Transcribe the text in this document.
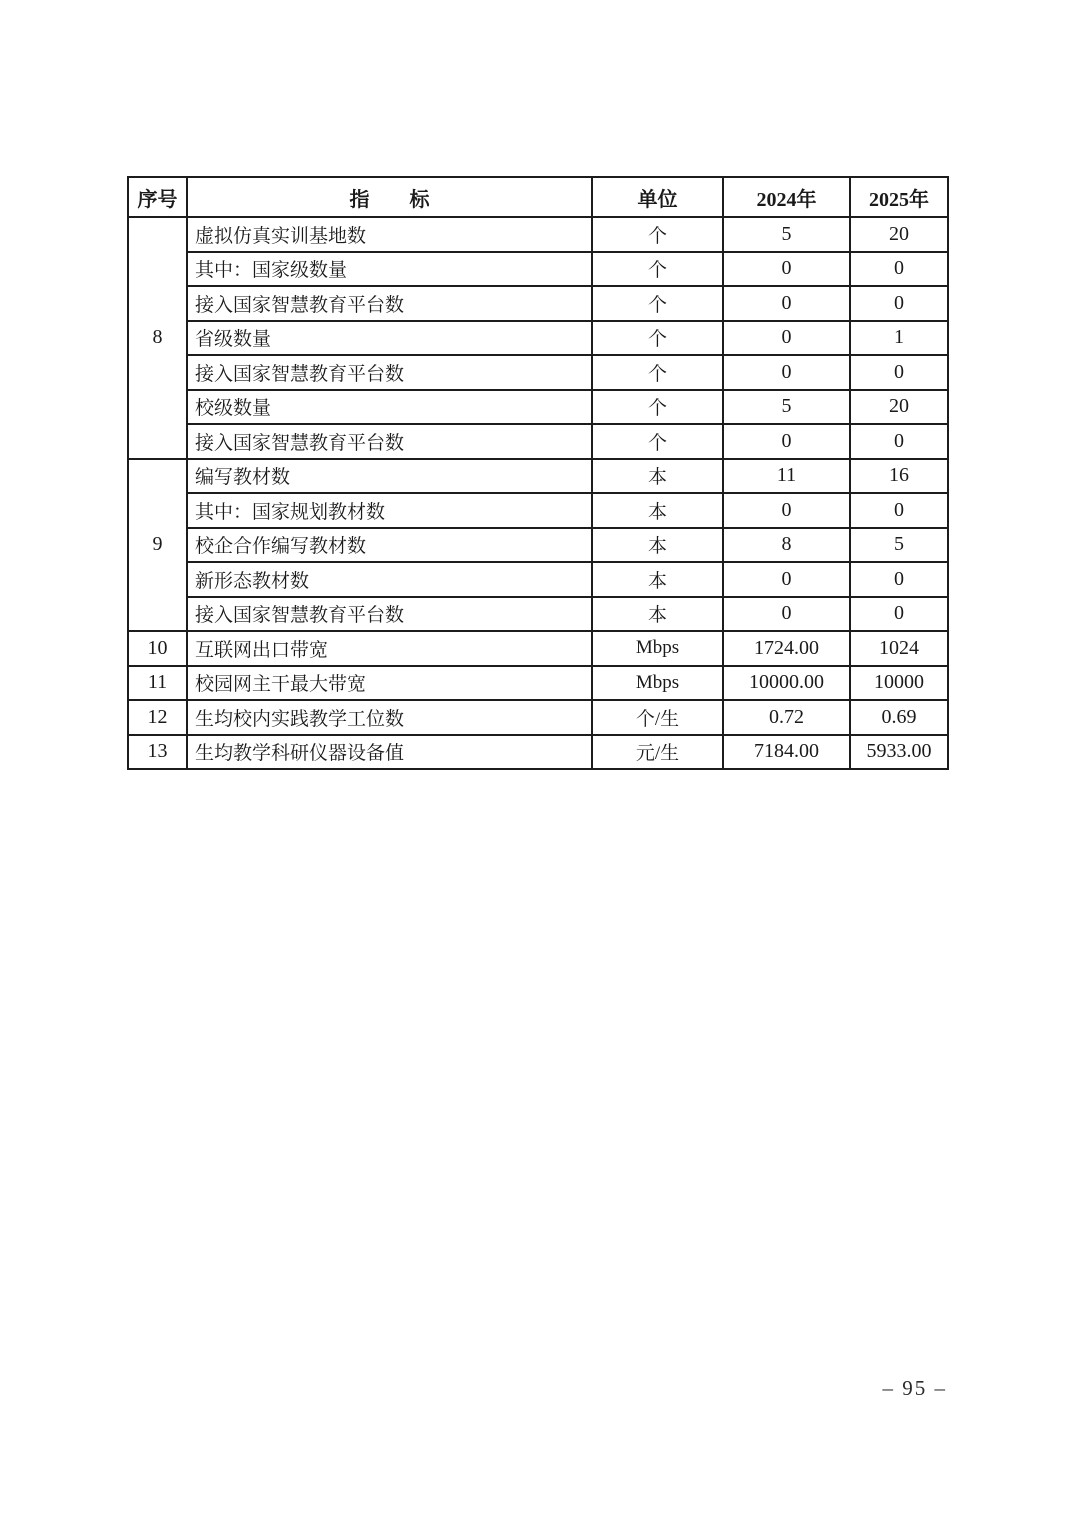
序号	指　　标	单位	2024年	2025年
8	虚拟仿真实训基地数	个	5	20
	其中：国家级数量	个	0	0
	接入国家智慧教育平台数	个	0	0
	省级数量	个	0	1
	接入国家智慧教育平台数	个	0	0
	校级数量	个	5	20
	接入国家智慧教育平台数	个	0	0
9	编写教材数	本	11	16
	其中：国家规划教材数	本	0	0
	校企合作编写教材数	本	8	5
	新形态教材数	本	0	0
	接入国家智慧教育平台数	本	0	0
10	互联网出口带宽	Mbps	1724.00	1024
11	校园网主干最大带宽	Mbps	10000.00	10000
12	生均校内实践教学工位数	个/生	0.72	0.69
13	生均教学科研仪器设备值	元/生	7184.00	5933.00
– 95 –
